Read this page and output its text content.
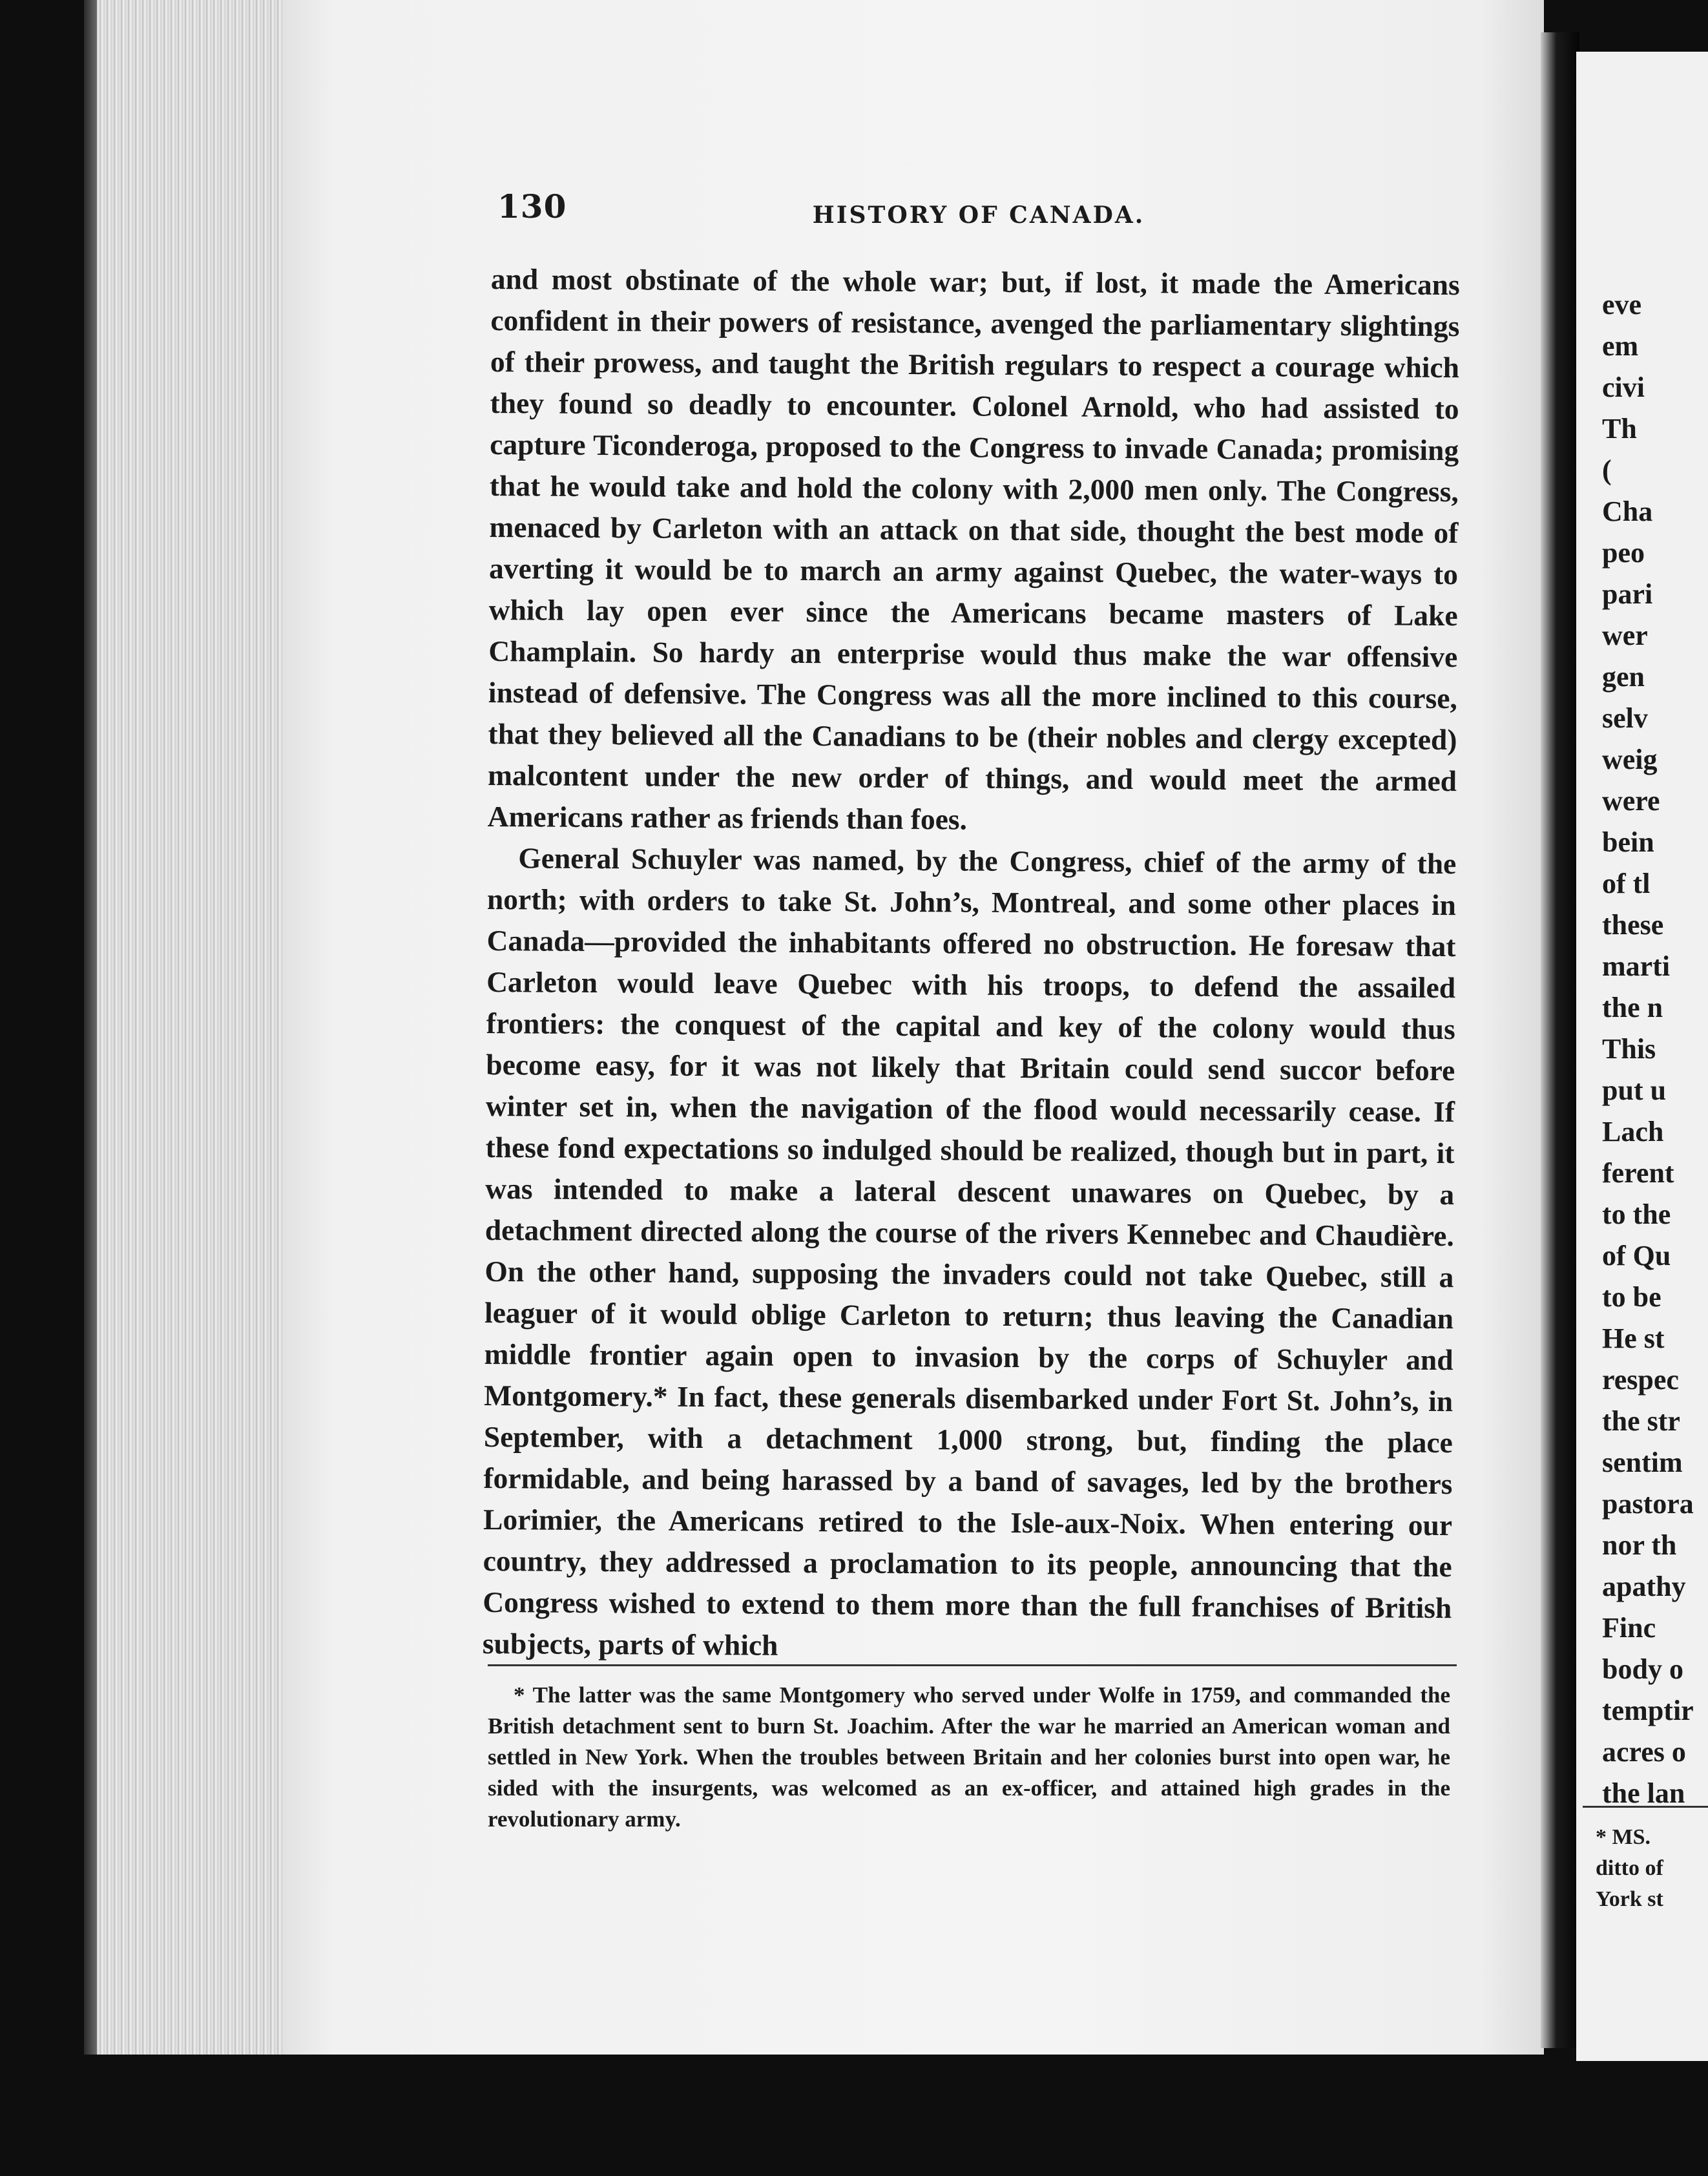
130	HISTORY OF CANADA.

and most obstinate of the whole war; but, if lost, it made the Americans confident in their powers of resistance, avenged the parliamentary slightings of their prowess, and taught the British regulars to respect a courage which they found so deadly to encounter. Colonel Arnold, who had assisted to capture Ticonderoga, proposed to the Congress to invade Canada; promising that he would take and hold the colony with 2,000 men only. The Congress, menaced by Carleton with an attack on that side, thought the best mode of averting it would be to march an army against Quebec, the water-ways to which lay open ever since the Americans became masters of Lake Champlain. So hardy an enterprise would thus make the war offensive instead of defensive. The Congress was all the more inclined to this course, that they believed all the Canadians to be (their nobles and clergy excepted) malcontent under the new order of things, and would meet the armed Americans rather as friends than foes.

General Schuyler was named, by the Congress, chief of the army of the north; with orders to take St. John’s, Montreal, and some other places in Canada—provided the inhabitants offered no obstruction. He foresaw that Carleton would leave Quebec with his troops, to defend the assailed frontiers: the conquest of the capital and key of the colony would thus become easy, for it was not likely that Britain could send succor before winter set in, when the navigation of the flood would necessarily cease. If these fond expectations so indulged should be realized, though but in part, it was intended to make a lateral descent unawares on Quebec, by a detachment directed along the course of the rivers Kennebec and Chaudière. On the other hand, supposing the invaders could not take Quebec, still a leaguer of it would oblige Carleton to return; thus leaving the Canadian middle frontier again open to invasion by the corps of Schuyler and Montgomery.* In fact, these generals disembarked under Fort St. John’s, in September, with a detachment 1,000 strong, but, finding the place formidable, and being harassed by a band of savages, led by the brothers Lorimier, the Americans retired to the Isle-aux-Noix. When entering our country, they addressed a proclamation to its people, announcing that the Congress wished to extend to them more than the full franchises of British subjects, parts of which

* The latter was the same Montgomery who served under Wolfe in 1759, and commanded the British detachment sent to burn St. Joachim. After the war he married an American woman and settled in New York. When the troubles between Britain and her colonies burst into open war, he sided with the insurgents, was welcomed as an ex-officer, and attained high grades in the revolutionary army.
eve
em
civi
Th
(
Cha
peo
pari
wer
gen
selv
weig
were
bein
of tl
these
marti
the n
This
put u
Lach
ferent
to the
of Qu
to be
He st
respec
the str
sentim
pastora
nor th
apathy
Finc
body o
temptir
acres o
the lan
* MS.
ditto of
York st
